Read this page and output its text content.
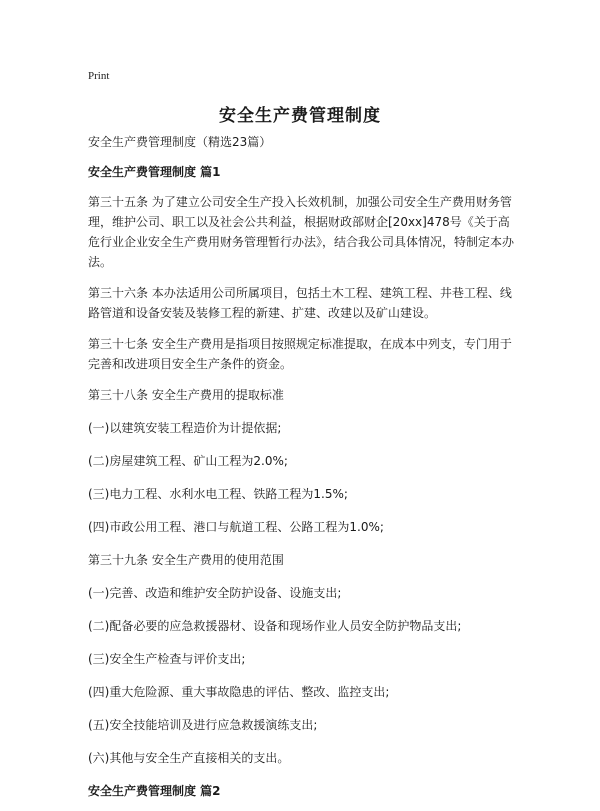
Print
安全生产费管理制度

安全生产费管理制度（精选23篇）

安全生产费管理制度 篇1

第三十五条 为了建立公司安全生产投入长效机制，加强公司安全生产费用财务管理，维护公司、职工以及社会公共利益，根据财政部财企[20xx]478号《关于高危行业企业安全生产费用财务管理暂行办法》，结合我公司具体情况，特制定本办法。

第三十六条 本办法适用公司所属项目，包括土木工程、建筑工程、井巷工程、线路管道和设备安装及装修工程的新建、扩建、改建以及矿山建设。

第三十七条 安全生产费用是指项目按照规定标准提取，在成本中列支，专门用于完善和改进项目安全生产条件的资金。

第三十八条 安全生产费用的提取标准

(一)以建筑安装工程造价为计提依据;

(二)房屋建筑工程、矿山工程为2.0%;

(三)电力工程、水利水电工程、铁路工程为1.5%;

(四)市政公用工程、港口与航道工程、公路工程为1.0%;

第三十九条 安全生产费用的使用范围

(一)完善、改造和维护安全防护设备、设施支出;

(二)配备必要的应急救援器材、设备和现场作业人员安全防护物品支出;

(三)安全生产检查与评价支出;

(四)重大危险源、重大事故隐患的评估、整改、监控支出;

(五)安全技能培训及进行应急救援演练支出;

(六)其他与安全生产直接相关的支出。

安全生产费管理制度 篇2
